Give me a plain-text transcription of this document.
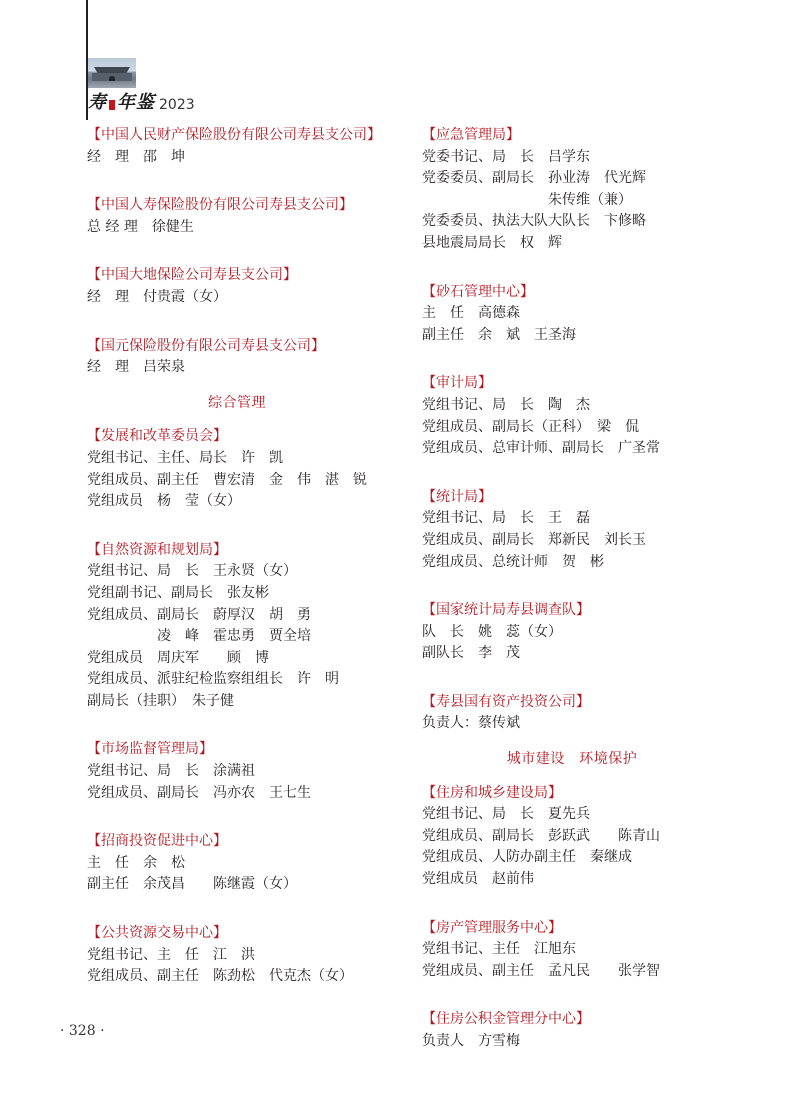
寿 年鉴 2023
【 中国人民财产保险股份有限公司寿县支公司 】
经　理　邵　坤
【 中国人寿保险股份有限公司寿县支公司 】
总 经 理　徐健生
【 中国大地保险公司寿县支公司 】
经　理　付贵霞（女）
【 国元保险股份有限公司寿县支公司 】
经　理　吕荣泉
综合管理
【 发展和改革委员会 】
党组书记、主任、局长　许　凯
党组成员、副主任　曹宏清　金　伟　湛　锐
党组成员　杨　莹（女）
【 自然资源和规划局 】
党组书记、局　长　王永贤（女）
党组副书记、副局长　张友彬
党组成员、副局长　蔚厚汉　胡　勇
　　　　　凌　峰　霍忠勇　贾全培
党组成员　周庆军　　顾　博
党组成员、派驻纪检监察组组长　许　明
副局长（挂职）　朱子健
【 市场监督管理局 】
党组书记、局　长　涂满祖
党组成员、副局长　冯亦农　王七生
【 招商投资促进中心 】
主　任　余　松
副主任　余茂昌　　陈继霞（女）
【 公共资源交易中心 】
党组书记、主　任　江　洪
党组成员、副主任　陈劲松　代克杰（女）
【 应急管理局 】
党委书记、局　长　吕学东
党委委员、副局长　孙业涛　代光辉
　　　　　　　　　朱传维（兼）
党委委员、执法大队大队长　卞修略
县地震局局长　权　辉
【 砂石管理中心 】
主　任　高德森
副主任　余　斌　王圣海
【 审计局 】
党组书记、局　长　陶　杰
党组成员、副局长（正科）　梁　侃
党组成员、总审计师、副局长　广圣常
【 统计局 】
党组书记、局　长　王　磊
党组成员、副局长　郑新民　刘长玉
党组成员、总统计师　贺　彬
【 国家统计局寿县调查队 】
队　长　姚　蕊（女）
副队长　李　茂
【 寿县国有资产投资公司 】
负责人：蔡传斌
城市建设　环境保护
【 住房和城乡建设局 】
党组书记、局　长　夏先兵
党组成员、副局长　彭跃武　　陈青山
党组成员、人防办副主任　秦继成
党组成员　赵前伟
【 房产管理服务中心 】
党组书记、主任　江旭东
党组成员、副主任　孟凡民　　张学智
【 住房公积金管理分中心 】
负责人　方雪梅
· 328 ·
